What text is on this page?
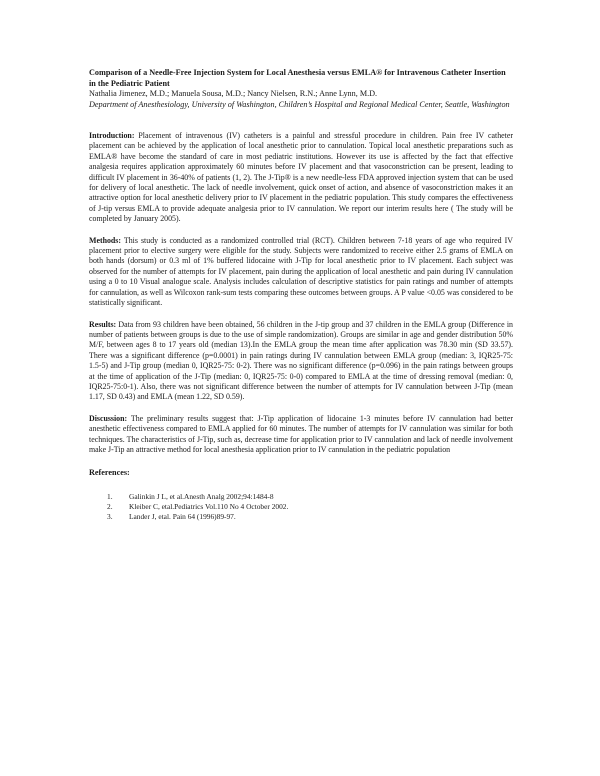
Comparison of a Needle-Free Injection System for Local Anesthesia versus EMLA® for Intravenous Catheter Insertion in the Pediatric Patient

Nathalia Jimenez, M.D.; Manuela Sousa, M.D.; Nancy Nielsen, R.N.; Anne Lynn, M.D.

Department of Anesthesiology, University of Washington, Children’s Hospital and Regional Medical Center, Seattle, Washington

Introduction: Placement of intravenous (IV) catheters is a painful and stressful procedure in children. Pain free IV catheter placement can be achieved by the application of local anesthetic prior to cannulation. Topical local anesthetic preparations such as EMLA® have become the standard of care in most pediatric institutions. However its use is affected by the fact that effective analgesia requires application approximately 60 minutes before IV placement and that vasoconstriction can be present, leading to difficult IV placement in 36-40% of patients (1, 2). The J-Tip® is a new needle-less FDA approved injection system that can be used for delivery of local anesthetic. The lack of needle involvement, quick onset of action, and absence of vasoconstriction makes it an attractive option for local anesthetic delivery prior to IV placement in the pediatric population. This study compares the effectiveness of J-tip versus EMLA to provide adequate analgesia prior to IV cannulation. We report our interim results here ( The study will be completed by January 2005).

Methods: This study is conducted as a randomized controlled trial (RCT). Children between 7-18 years of age who required IV placement prior to elective surgery were eligible for the study. Subjects were randomized to receive either 2.5 grams of EMLA on both hands (dorsum) or 0.3 ml of 1% buffered lidocaine with J-Tip for local anesthetic prior to IV placement. Each subject was observed for the number of attempts for IV placement, pain during the application of local anesthetic and pain during IV cannulation using a 0 to 10 Visual analogue scale. Analysis includes calculation of descriptive statistics for pain ratings and number of attempts for cannulation, as well as Wilcoxon rank-sum tests comparing these outcomes between groups. A P value <0.05 was considered to be statistically significant.

Results: Data from 93 children have been obtained, 56 children in the J-tip group and 37 children in the EMLA group (Difference in number of patients between groups is due to the use of simple randomization). Groups are similar in age and gender distribution 50% M/F, between ages 8 to 17 years old (median 13).In the EMLA group the mean time after application was 78.30 min (SD 33.57). There was a significant difference (p=0.0001) in pain ratings during IV cannulation between EMLA group (median: 3, IQR25-75: 1.5-5) and J-Tip group (median 0, IQR25-75: 0-2). There was no significant difference (p=0.096) in the pain ratings between groups at the time of application of the J-Tip (median: 0, IQR25-75: 0-0) compared to EMLA at the time of dressing removal (median: 0, IQR25-75:0-1). Also, there was not significant difference between the number of attempts for IV cannulation between J-Tip (mean 1.17, SD 0.43) and EMLA (mean 1.22, SD 0.59).

Discussion: The preliminary results suggest that: J-Tip application of lidocaine 1-3 minutes before IV cannulation had better anesthetic effectiveness compared to EMLA applied for 60 minutes. The number of attempts for IV cannulation was similar for both techniques. The characteristics of J-Tip, such as, decrease time for application prior to IV cannulation and lack of needle involvement make J-Tip an attractive method for local anesthesia application prior to IV cannulation in the pediatric population

References:

1.	Galinkin J L, et al.Anesth Analg 2002;94:1484-8
2.	Kleiber C, etal.Pediatrics Vol.110 No 4 October 2002.
3.	Lander J, etal. Pain 64 (1996)89-97.
